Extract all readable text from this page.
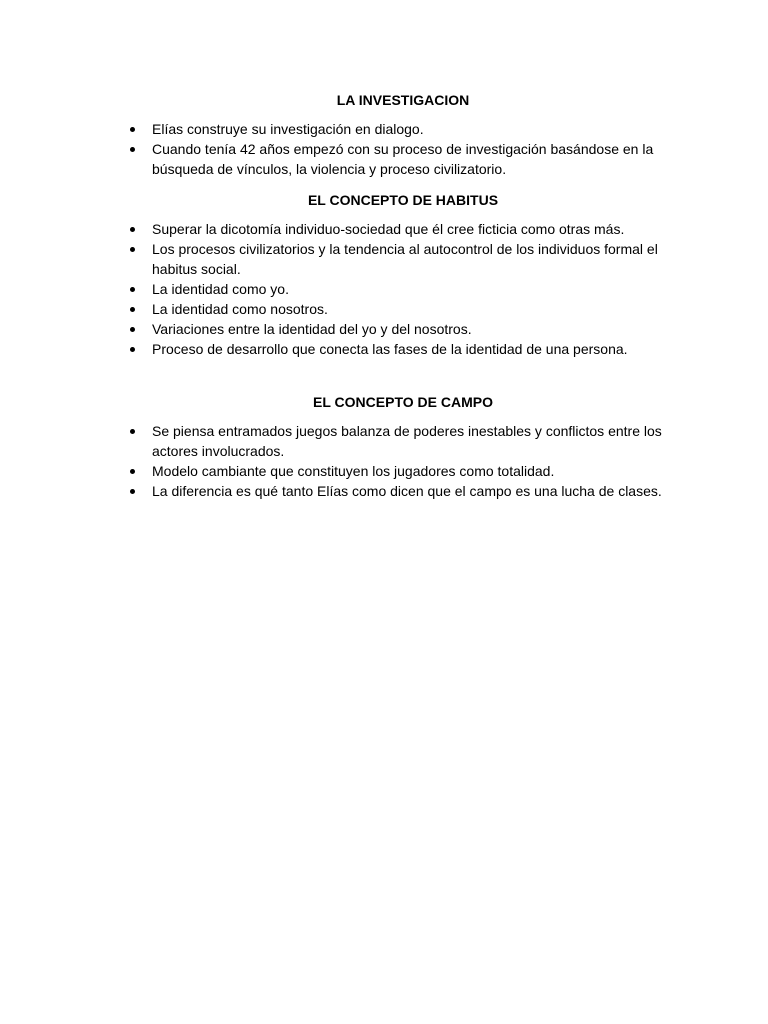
LA INVESTIGACION
Elías construye su investigación en dialogo.
Cuando tenía 42 años empezó con su proceso de investigación basándose en la búsqueda de vínculos, la violencia y proceso civilizatorio.
EL CONCEPTO DE HABITUS
Superar la dicotomía individuo-sociedad que él cree ficticia como otras más.
Los procesos civilizatorios y la tendencia al autocontrol de los individuos formal el habitus social.
La identidad como yo.
La identidad como nosotros.
Variaciones entre la identidad del yo y del nosotros.
Proceso de desarrollo que conecta las fases de la identidad de una persona.
EL CONCEPTO DE CAMPO
Se piensa entramados juegos balanza de poderes inestables y conflictos entre los actores involucrados.
Modelo cambiante que constituyen los jugadores como totalidad.
La diferencia es qué tanto Elías como dicen que el campo es una lucha de clases.
